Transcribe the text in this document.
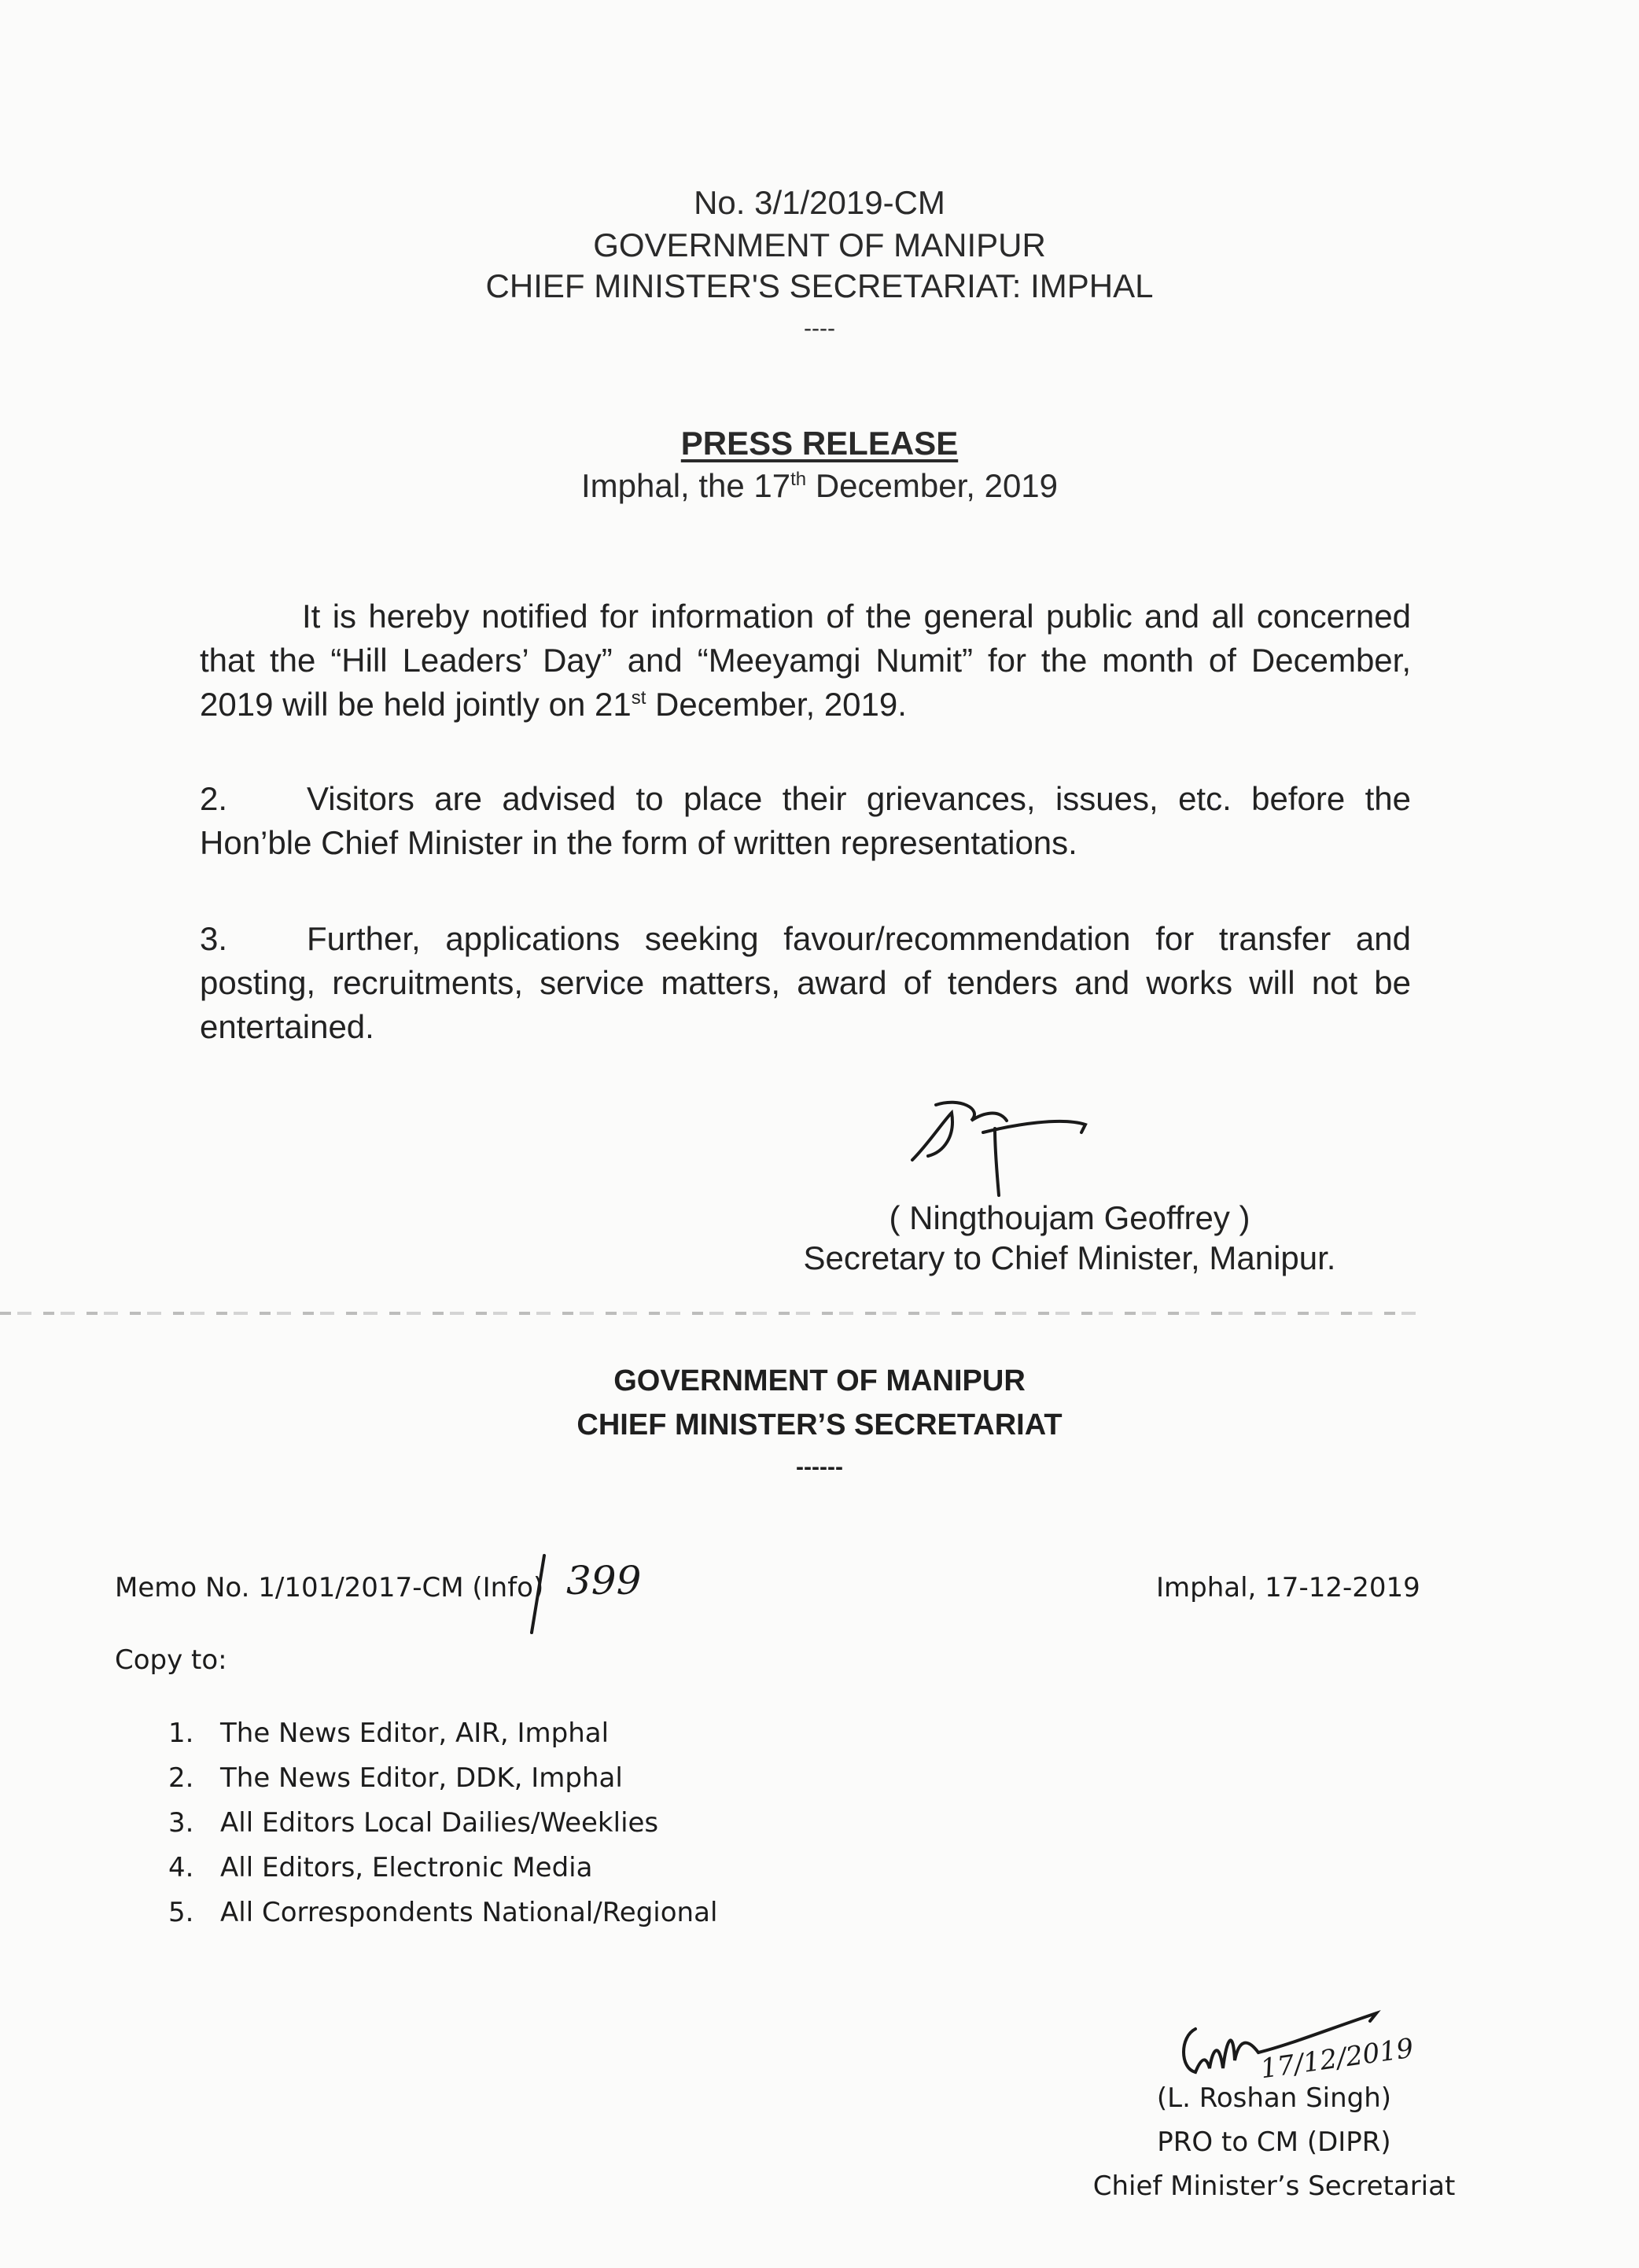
No. 3/1/2019-CM
GOVERNMENT OF MANIPUR
CHIEF MINISTER'S SECRETARIAT: IMPHAL
----
PRESS RELEASE
Imphal, the 17th December, 2019
It is hereby notified for information of the general public and all concerned that the “Hill Leaders’ Day” and “Meeyamgi Numit” for the month of December, 2019 will be held jointly on 21st December, 2019.
2. Visitors are advised to place their grievances, issues, etc. before the Hon’ble Chief Minister in the form of written representations.
3. Further, applications seeking favour/recommendation for transfer and posting, recruitments, service matters, award of tenders and works will not be entertained.
( Ningthoujam Geoffrey )
Secretary to Chief Minister, Manipur.
GOVERNMENT OF MANIPUR
CHIEF MINISTER’S SECRETARIAT
------
Memo No. 1/101/2017-CM (Info) 399	Imphal, 17-12-2019
Copy to:
1. The News Editor, AIR, Imphal
2. The News Editor, DDK, Imphal
3. All Editors Local Dailies/Weeklies
4. All Editors, Electronic Media
5. All Correspondents National/Regional
17/12/2019
(L. Roshan Singh)
PRO to CM (DIPR)
Chief Minister’s Secretariat
